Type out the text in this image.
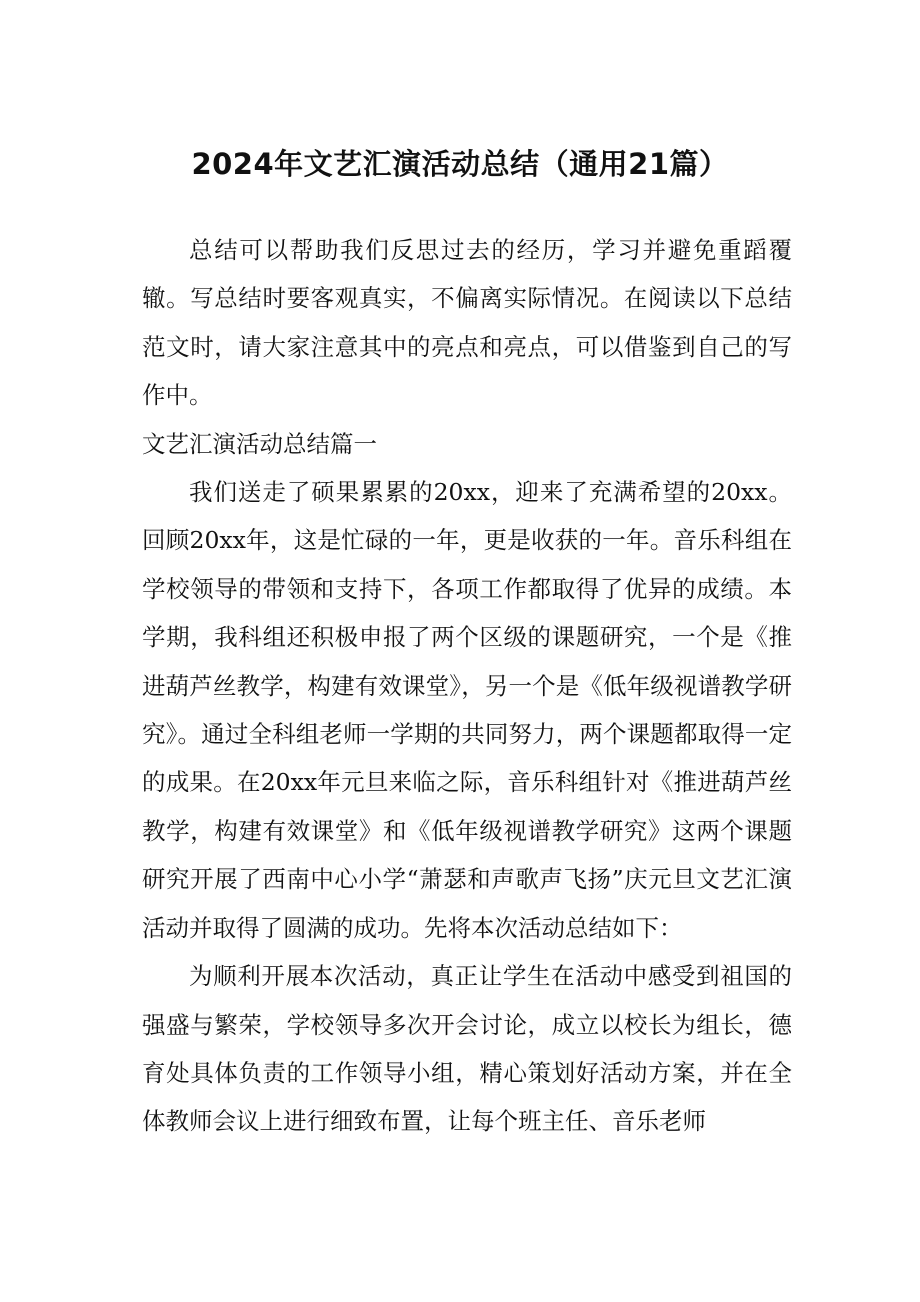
2024年文艺汇演活动总结（通用21篇）

总结可以帮助我们反思过去的经历，学习并避免重蹈覆辙。写总结时要客观真实，不偏离实际情况。在阅读以下总结范文时，请大家注意其中的亮点和亮点，可以借鉴到自己的写作中。

文艺汇演活动总结篇一

我们送走了硕果累累的20xx，迎来了充满希望的20xx。回顾20xx年，这是忙碌的一年，更是收获的一年。音乐科组在学校领导的带领和支持下，各项工作都取得了优异的成绩。本学期，我科组还积极申报了两个区级的课题研究，一个是《推进葫芦丝教学，构建有效课堂》，另一个是《低年级视谱教学研究》。通过全科组老师一学期的共同努力，两个课题都取得一定的成果。在20xx年元旦来临之际，音乐科组针对《推进葫芦丝教学，构建有效课堂》和《低年级视谱教学研究》这两个课题研究开展了西南中心小学“萧瑟和声歌声飞扬”庆元旦文艺汇演活动并取得了圆满的成功。先将本次活动总结如下：

为顺利开展本次活动，真正让学生在活动中感受到祖国的强盛与繁荣，学校领导多次开会讨论，成立以校长为组长，德育处具体负责的工作领导小组，精心策划好活动方案，并在全体教师会议上进行细致布置，让每个班主任、音乐老师
